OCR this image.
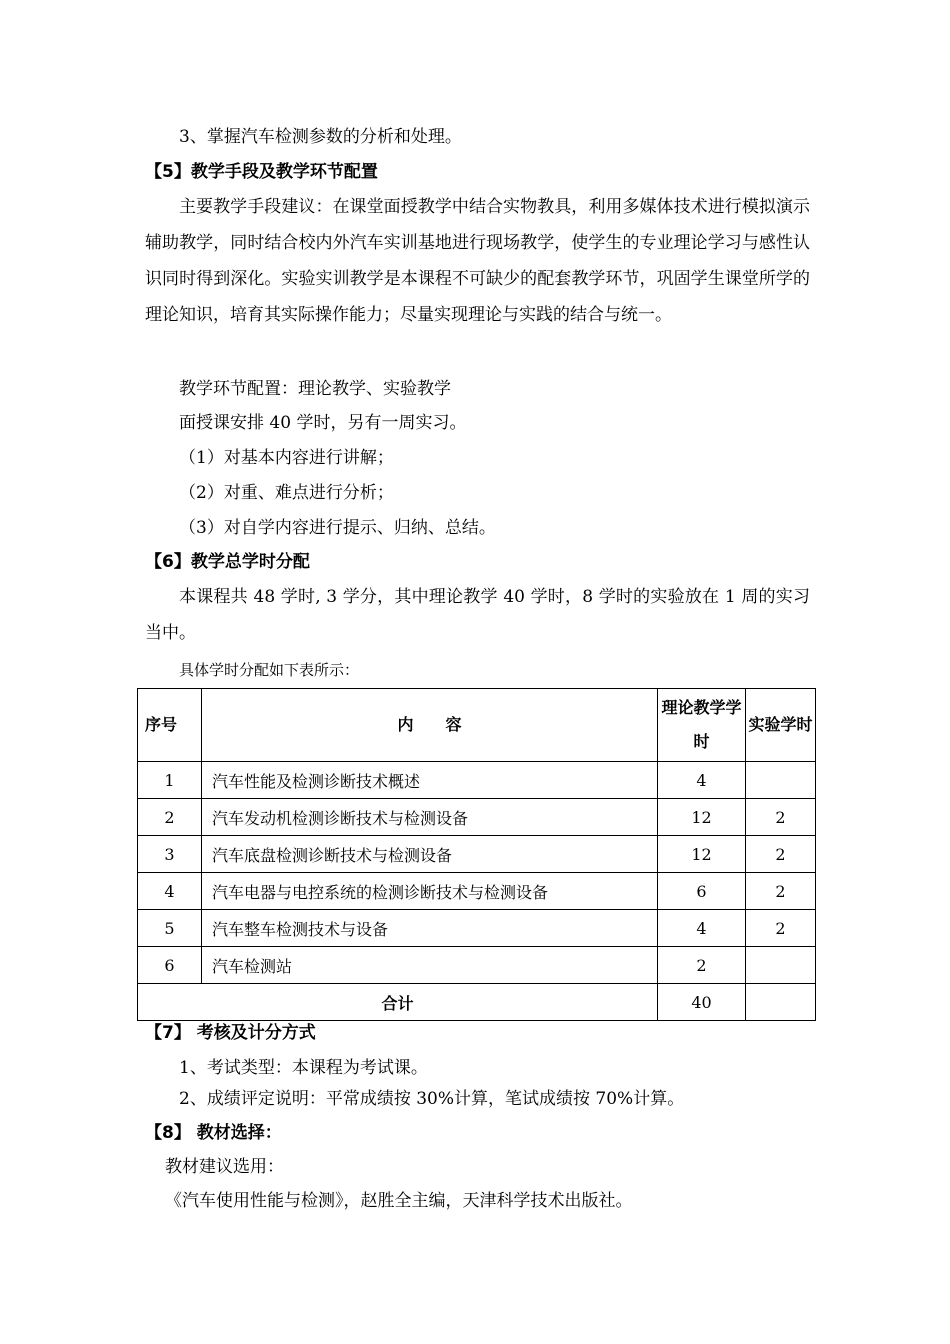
3、掌握汽车检测参数的分析和处理。
【5】教学手段及教学环节配置
主要教学手段建议：在课堂面授教学中结合实物教具，利用多媒体技术进行模拟演示辅助教学，同时结合校内外汽车实训基地进行现场教学，使学生的专业理论学习与感性认识同时得到深化。实验实训教学是本课程不可缺少的配套教学环节，巩固学生课堂所学的理论知识，培育其实际操作能力；尽量实现理论与实践的结合与统一。
教学环节配置：理论教学、实验教学
面授课安排 40 学时，另有一周实习。
（1）对基本内容进行讲解；
（2）对重、难点进行分析；
（3）对自学内容进行提示、归纳、总结。
【6】教学总学时分配
本课程共 48 学时, 3 学分，其中理论教学 40 学时，8 学时的实验放在 1 周的实习当中。
具体学时分配如下表所示：
序号	内　　容	理论教学学时	实验学时
1	汽车性能及检测诊断技术概述	4	
2	汽车发动机检测诊断技术与检测设备	12	2
3	汽车底盘检测诊断技术与检测设备	12	2
4	汽车电器与电控系统的检测诊断技术与检测设备	6	2
5	汽车整车检测技术与设备	4	2
6	汽车检测站	2	
合计		40	
【7】 考核及计分方式
1、考试类型：本课程为考试课。
2、成绩评定说明：平常成绩按 30%计算，笔试成绩按 70%计算。
【8】 教材选择：
教材建议选用：
《汽车使用性能与检测》，赵胜全主编，天津科学技术出版社。
